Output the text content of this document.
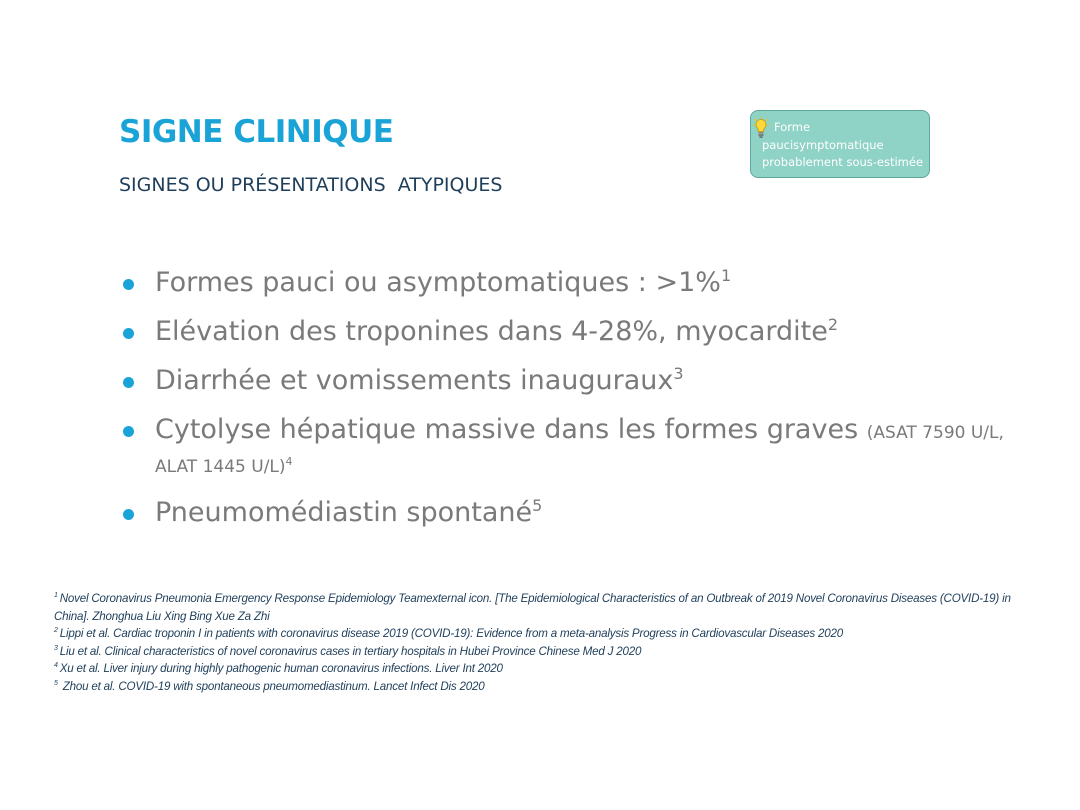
SIGNE CLINIQUE
SIGNES OU PRÉSENTATIONS  ATYPIQUES
Forme
paucisymptomatique
probablement sous-estimée
Formes pauci ou asymptomatiques : >1%$^1$
Elévation des troponines dans 4-28%, myocardite$^2$
Diarrhée et vomissements inauguraux$^3$
Cytolyse hépatique massive dans les formes graves (ASAT 7590 U/L, ALAT 1445 U/L)$^4$
Pneumomédiastin spontané$^5$
$^1$ Novel Coronavirus Pneumonia Emergency Response Epidemiology Teamexternal icon. [The Epidemiological Characteristics of an Outbreak of 2019 Novel Coronavirus Diseases (COVID-19) in China]. Zhonghua Liu Xing Bing Xue Za Zhi
$^2$ Lippi et al. Cardiac troponin I in patients with coronavirus disease 2019 (COVID-19): Evidence from a meta-analysis Progress in Cardiovascular Diseases 2020
$^3$ Liu et al. Clinical characteristics of novel coronavirus cases in tertiary hospitals in Hubei Province Chinese Med J 2020
$^4$ Xu et al. Liver injury during highly pathogenic human coronavirus infections. Liver Int 2020
$^5$ Zhou et al. COVID-19 with spontaneous pneumomediastinum. Lancet Infect Dis 2020
